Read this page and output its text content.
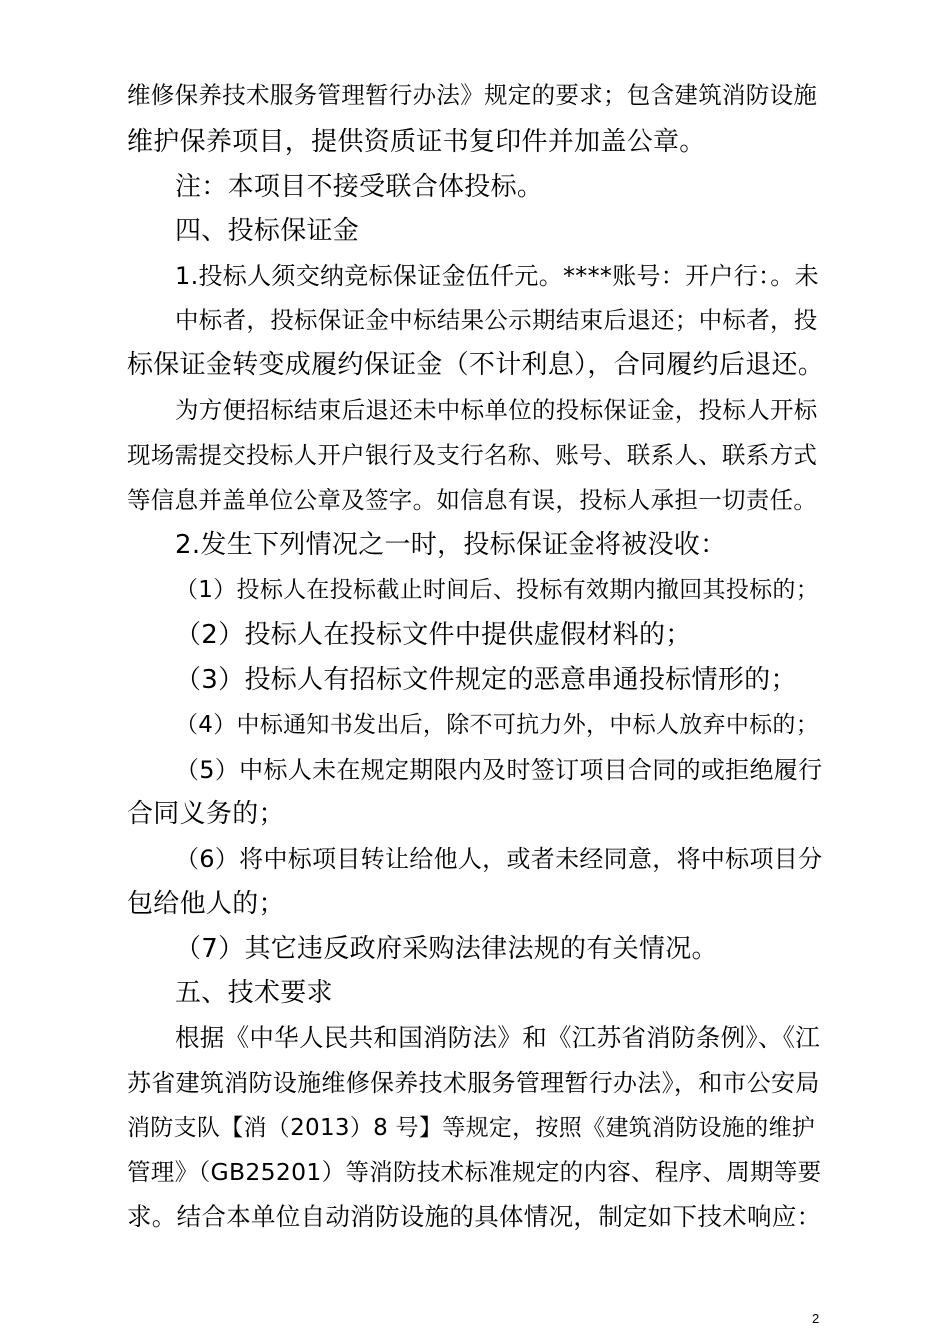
维修保养技术服务管理暂行办法》规定的要求；包含建筑消防设施
维护保养项目，提供资质证书复印件并加盖公章。
注：本项目不接受联合体投标。
四、投标保证金
1.投标人须交纳竞标保证金伍仟元。****账号：开户行：。未
中标者，投标保证金中标结果公示期结束后退还；中标者，投
标保证金转变成履约保证金（不计利息），合同履约后退还。
为方便招标结束后退还未中标单位的投标保证金，投标人开标
现场需提交投标人开户银行及支行名称、账号、联系人、联系方式
等信息并盖单位公章及签字。如信息有误，投标人承担一切责任。
2.发生下列情况之一时，投标保证金将被没收：
（1）投标人在投标截止时间后、投标有效期内撤回其投标的；
（2）投标人在投标文件中提供虚假材料的；
（3）投标人有招标文件规定的恶意串通投标情形的；
（4）中标通知书发出后，除不可抗力外，中标人放弃中标的；
（5）中标人未在规定期限内及时签订项目合同的或拒绝履行
合同义务的；
（6）将中标项目转让给他人，或者未经同意，将中标项目分
包给他人的；
（7）其它违反政府采购法律法规的有关情况。
五、技术要求
根据《中华人民共和国消防法》和《江苏省消防条例》、《江
苏省建筑消防设施维修保养技术服务管理暂行办法》，和市公安局
消防支队【消（2013）8 号】等规定，按照《建筑消防设施的维护
管理》（GB25201）等消防技术标准规定的内容、程序、周期等要
求。结合本单位自动消防设施的具体情况，制定如下技术响应：
2
